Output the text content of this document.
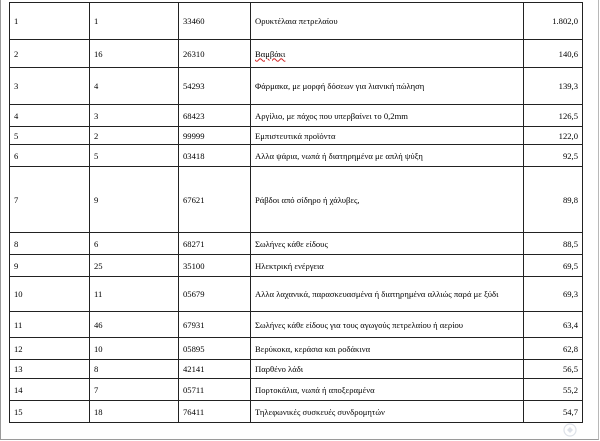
1	1	33460	Ορυκτέλαια πετρελαίου	1.802,0
2	16	26310	Βαμβάκι	140,6
3	4	54293	Φάρμακα, με μορφή δόσεων για λιανική πώληση	139,3
4	3	68423	Αργίλιο, με πάχος που υπερβαίνει το 0,2mm	126,5
5	2	99999	Εμπιστευτικά προϊόντα	122,0
6	5	03418	Αλλα ψάρια, νωπά ή διατηρημένα με απλή ψύξη	92,5
7	9	67621	Ράβδοι από σίδηρο ή χάλυβες,	89,8
8	6	68271	Σωλήνες κάθε είδους	88,5
9	25	35100	Ηλεκτρική ενέργεια	69,5
10	11	05679	Αλλα λαχανικά, παρασκευασμένα ή διατηρημένα αλλιώς παρά με ξύδι	69,3
11	46	67931	Σωλήνες κάθε είδους για τους αγωγούς πετρελαίου ή αερίου	63,4
12	10	05895	Βερύκοκα, κεράσια και ροδάκινα	62,8
13	8	42141	Παρθένο λάδι	56,5
14	7	05711	Πορτοκάλια, νωπά ή αποξεραμένα	55,2
15	18	76411	Τηλεφωνικές συσκευές συνδρομητών	54,7
